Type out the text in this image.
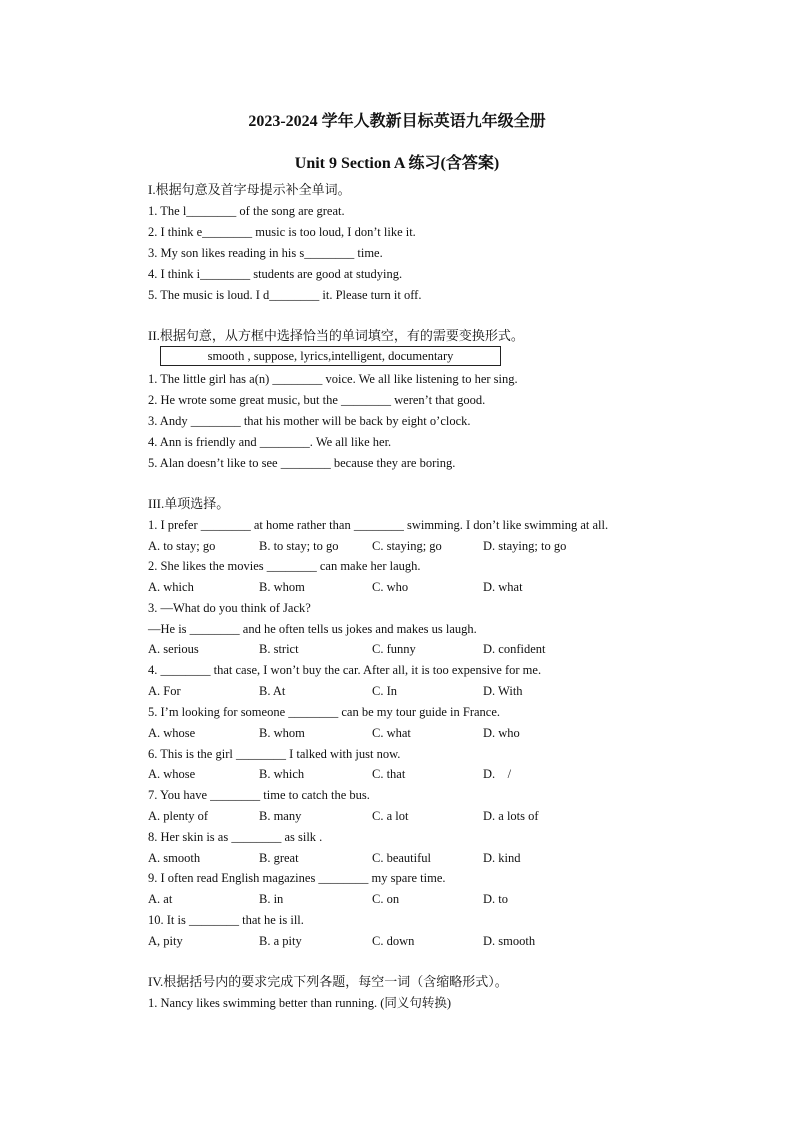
2023-2024 学年人教新目标英语九年级全册
Unit 9 Section A 练习(含答案)
I.根据句意及首字母提示补全单词。
1. The l________ of the song are great.
2. I think e________ music is too loud, I don’t like it.
3. My son likes reading in his s________ time.
4. I think i________ students are good at studying.
5. The music is loud. I d________ it. Please turn it off.
II.根据句意，从方框中选择恰当的单词填空，有的需要变换形式。
smooth , suppose, lyrics,intelligent, documentary
1. The little girl has a(n) ________ voice. We all like listening to her sing.
2. He wrote some great music, but the ________ weren’t that good.
3. Andy ________ that his mother will be back by eight o’clock.
4. Ann is friendly and ________. We all like her.
5. Alan doesn’t like to see ________ because they are boring.
III.单项选择。
1. I prefer ________ at home rather than ________ swimming. I don’t like swimming at all.
A. to stay; go	B. to stay; to go	C. staying; go	D. staying; to go
2. She likes the movies ________ can make her laugh.
A. which	B. whom	C. who	D. what
3. —What do you think of Jack?
—He is ________ and he often tells us jokes and makes us laugh.
A. serious	B. strict	C. funny	D. confident
4. ________ that case, I won’t buy the car. After all, it is too expensive for me.
A. For	B. At	C. In	D. With
5. I’m looking for someone ________ can be my tour guide in France.
A. whose	B. whom	C. what	D. who
6. This is the girl ________ I talked with just now.
A. whose	B. which	C. that	D.    /
7. You have ________ time to catch the bus.
A. plenty of	B. many	C. a lot	D. a lots of
8. Her skin is as ________ as silk .
A. smooth	B. great	C. beautiful	D. kind
9. I often read English magazines ________ my spare time.
A. at	B. in	C. on	D. to
10. It is ________ that he is ill.
A, pity	B. a pity	C. down	D. smooth
IV.根据括号内的要求完成下列各题，每空一词（含缩略形式）。
1. Nancy likes swimming better than running. (同义句转换)
